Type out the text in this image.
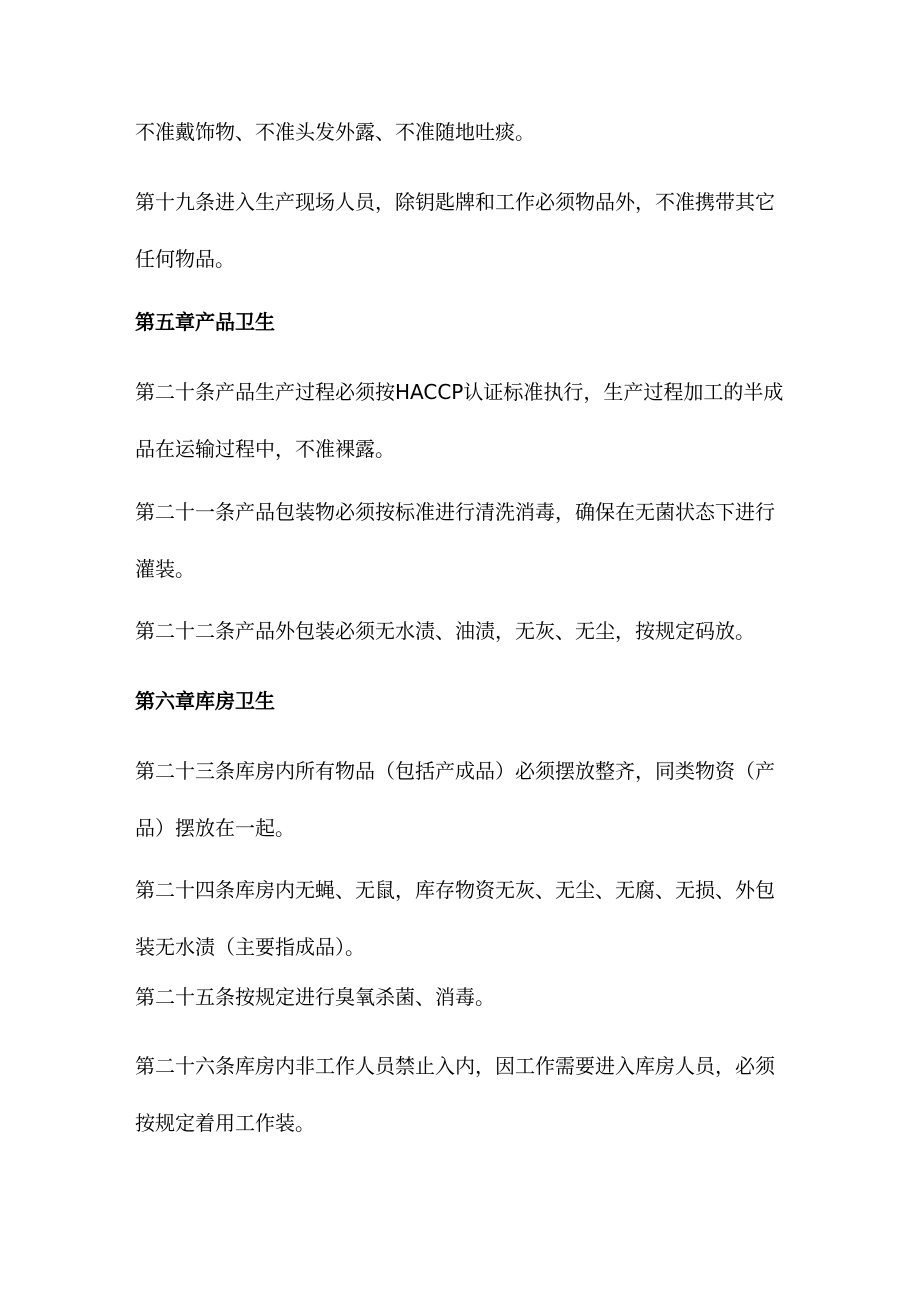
不准戴饰物、不准头发外露、不准随地吐痰。
第十九条进入生产现场人员，除钥匙牌和工作必须物品外，不准携带其它任何物品。
第五章产品卫生
第二十条产品生产过程必须按HACCP认证标准执行，生产过程加工的半成品在运输过程中，不准裸露。
第二十一条产品包装物必须按标准进行清洗消毒，确保在无菌状态下进行灌装。
第二十二条产品外包装必须无水渍、油渍，无灰、无尘，按规定码放。
第六章库房卫生
第二十三条库房内所有物品（包括产成品）必须摆放整齐，同类物资（产品）摆放在一起。
第二十四条库房内无蝇、无鼠，库存物资无灰、无尘、无腐、无损、外包装无水渍（主要指成品）。
第二十五条按规定进行臭氧杀菌、消毒。
第二十六条库房内非工作人员禁止入内，因工作需要进入库房人员，必须按规定着用工作装。
